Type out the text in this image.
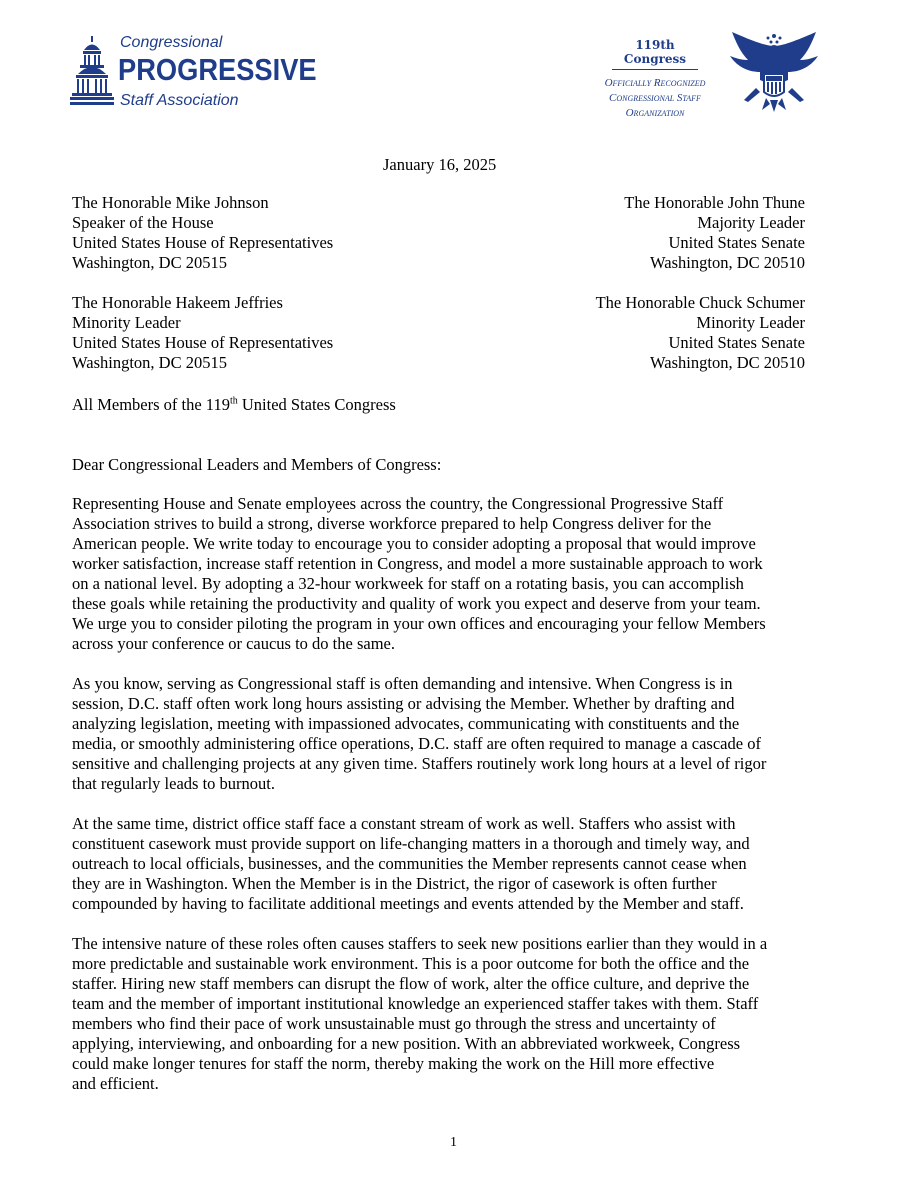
Congressional
PROGRESSIVE
Staff Association
119th Congress
Officially Recognized
Congressional Staff
Organization
January 16, 2025
The Honorable Mike Johnson
Speaker of the House
United States House of Representatives
Washington, DC 20515
The Honorable John Thune
Majority Leader
United States Senate
Washington, DC 20510
The Honorable Hakeem Jeffries
Minority Leader
United States House of Representatives
Washington, DC 20515
The Honorable Chuck Schumer
Minority Leader
United States Senate
Washington, DC 20510
All Members of the 119th United States Congress
Dear Congressional Leaders and Members of Congress:
Representing House and Senate employees across the country, the Congressional Progressive Staff
Association strives to build a strong, diverse workforce prepared to help Congress deliver for the
American people. We write today to encourage you to consider adopting a proposal that would improve
worker satisfaction, increase staff retention in Congress, and model a more sustainable approach to work
on a national level. By adopting a 32-hour workweek for staff on a rotating basis, you can accomplish
these goals while retaining the productivity and quality of work you expect and deserve from your team.
We urge you to consider piloting the program in your own offices and encouraging your fellow Members
across your conference or caucus to do the same.
As you know, serving as Congressional staff is often demanding and intensive. When Congress is in
session, D.C. staff often work long hours assisting or advising the Member. Whether by drafting and
analyzing legislation, meeting with impassioned advocates, communicating with constituents and the
media, or smoothly administering office operations, D.C. staff are often required to manage a cascade of
sensitive and challenging projects at any given time. Staffers routinely work long hours at a level of rigor
that regularly leads to burnout.
At the same time, district office staff face a constant stream of work as well. Staffers who assist with
constituent casework must provide support on life-changing matters in a thorough and timely way, and
outreach to local officials, businesses, and the communities the Member represents cannot cease when
they are in Washington. When the Member is in the District, the rigor of casework is often further
compounded by having to facilitate additional meetings and events attended by the Member and staff.
The intensive nature of these roles often causes staffers to seek new positions earlier than they would in a
more predictable and sustainable work environment. This is a poor outcome for both the office and the
staffer. Hiring new staff members can disrupt the flow of work, alter the office culture, and deprive the
team and the member of important institutional knowledge an experienced staffer takes with them. Staff
members who find their pace of work unsustainable must go through the stress and uncertainty of
applying, interviewing, and onboarding for a new position. With an abbreviated workweek, Congress
could make longer tenures for staff the norm, thereby making the work on the Hill more effective
and efficient.
1
